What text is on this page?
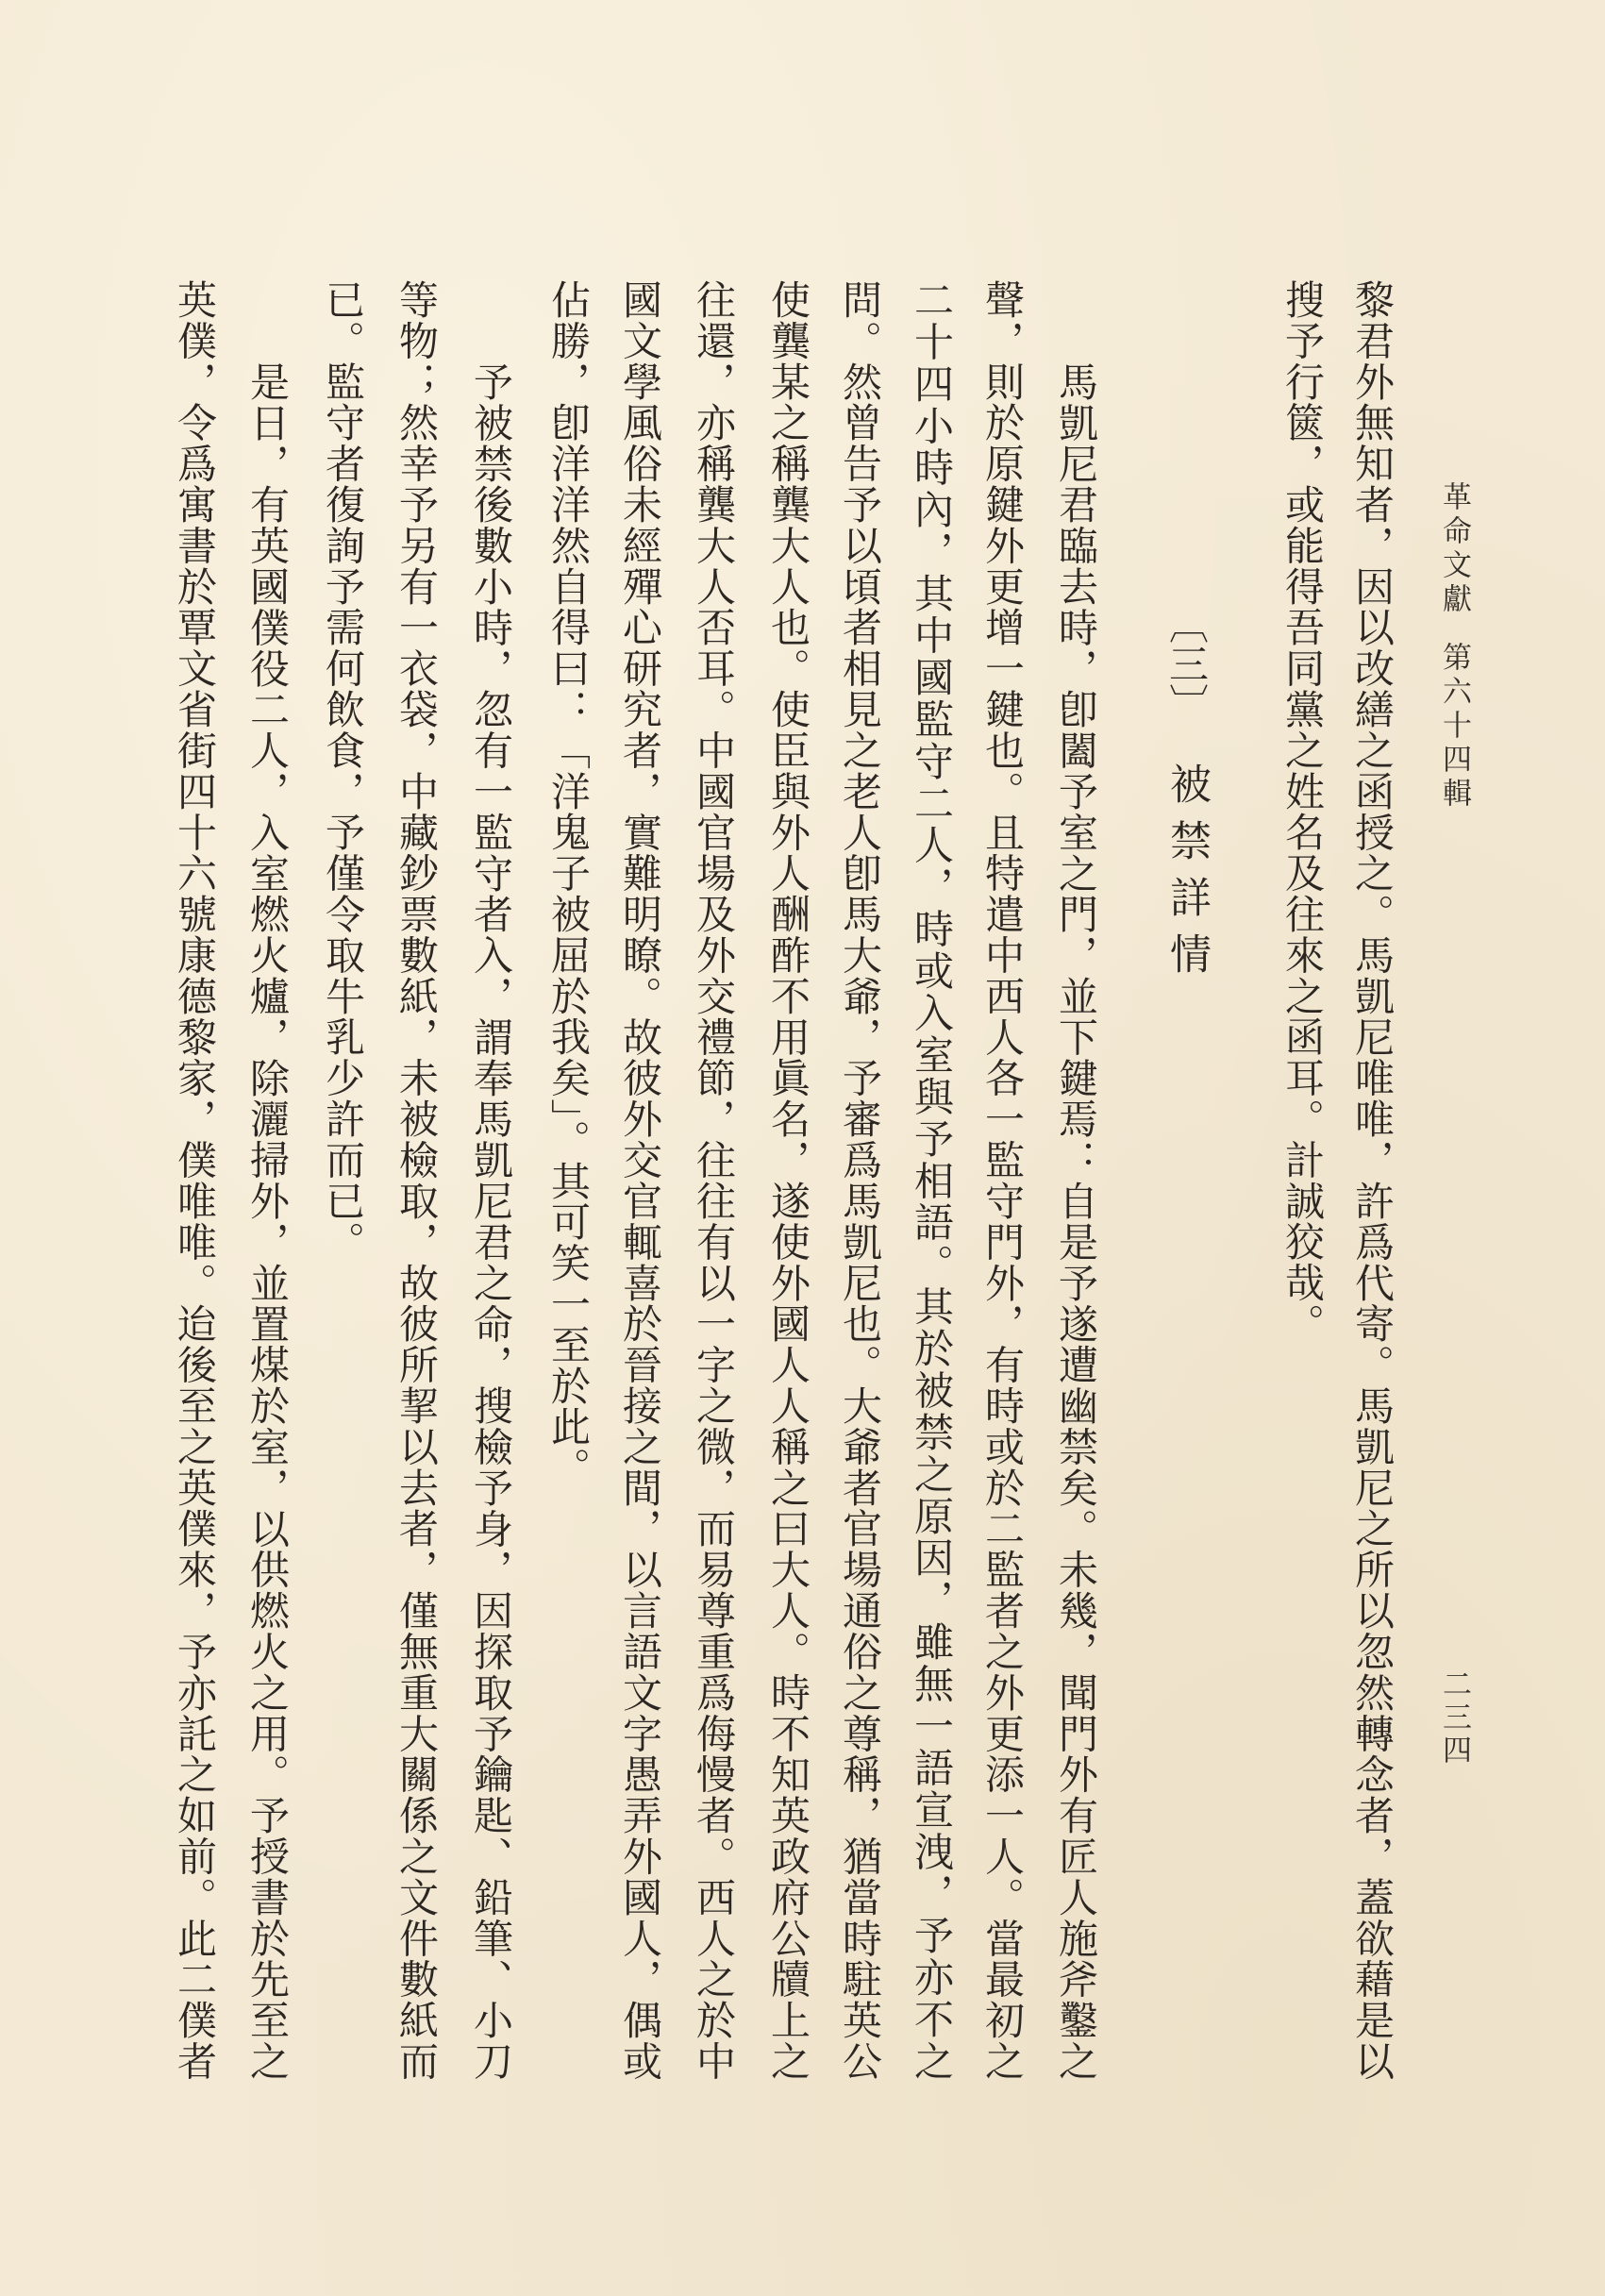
革命文獻第六十四輯
二三四
黎君外無知者，因以改繕之函授之。馬凱尼唯唯，許爲代寄。馬凱尼之所以忽然轉念者，蓋欲藉是以
搜予行篋，或能得吾同黨之姓名及往來之函耳。計誠狡哉。
〔三〕
被禁詳情
馬凱尼君臨去時，卽闔予室之門，並下鍵焉：自是予遂遭幽禁矣。未幾，聞門外有匠人施斧鑿之
聲，則於原鍵外更增一鍵也。且特遣中西人各一監守門外，有時或於二監者之外更添一人。當最初之
二十四小時內，其中國監守二人，時或入室與予相語。其於被禁之原因，雖無一語宣洩，予亦不之
問。然曾告予以頃者相見之老人卽馬大爺，予審爲馬凱尼也。大爺者官場通俗之尊稱，猶當時駐英公
使龔某之稱龔大人也。使臣與外人酬酢不用眞名，遂使外國人人稱之曰大人。時不知英政府公牘上之
往還，亦稱龔大人否耳。中國官場及外交禮節，往往有以一字之微，而易尊重爲侮慢者。西人之於中
國文學風俗未經殫心研究者，實難明瞭。故彼外交官輒喜於晉接之間，以言語文字愚弄外國人，偶或
佔勝，卽洋洋然自得曰：「洋鬼子被屈於我矣」。其可笑一至於此。
予被禁後數小時，忽有一監守者入，謂奉馬凱尼君之命，搜檢予身，因探取予鑰匙、鉛筆、小刀
等物；然幸予另有一衣袋，中藏鈔票數紙，未被檢取，故彼所挈以去者，僅無重大關係之文件數紙而
已。監守者復詢予需何飲食，予僅令取牛乳少許而已。
是日，有英國僕役二人，入室燃火爐，除灑掃外，並置煤於室，以供燃火之用。予授書於先至之
英僕，令爲寓書於覃文省街四十六號康德黎家，僕唯唯。迨後至之英僕來，予亦託之如前。此二僕者
